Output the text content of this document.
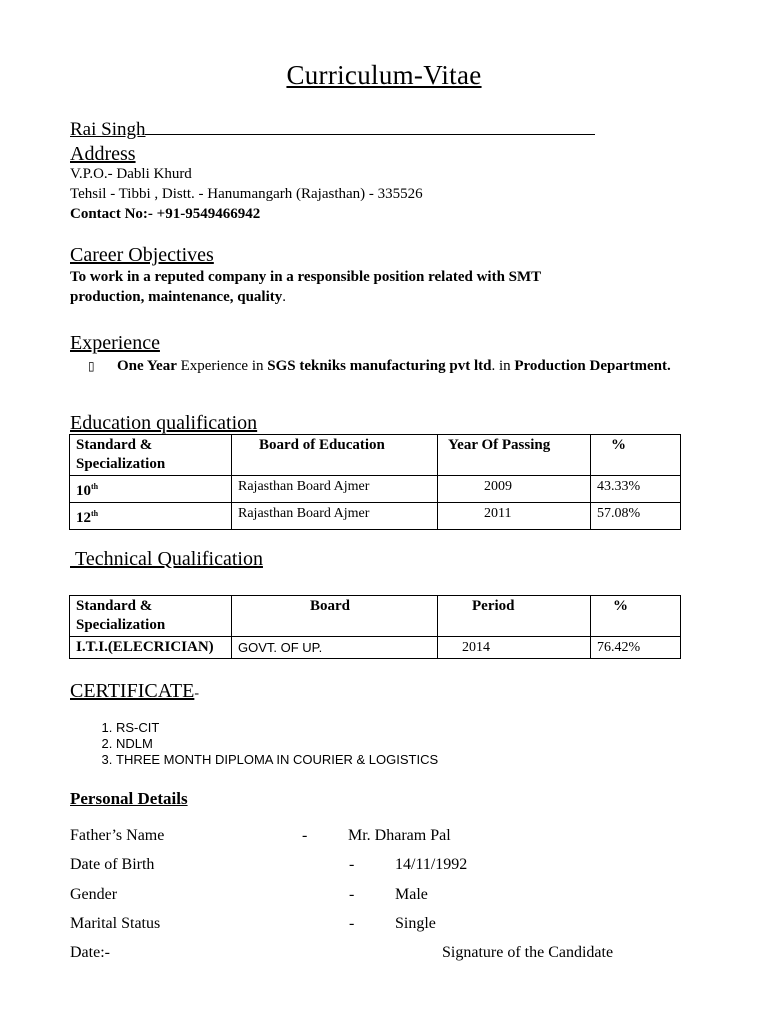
Curriculum-Vitae
Rai Singh
Address
V.P.O.- Dabli Khurd
Tehsil - Tibbi , Distt. - Hanumangarh (Rajasthan) - 335526
Contact No:- +91-9549466942
Career Objectives
To work in a reputed company in a responsible position related with SMT
production, maintenance, quality.
Experience
▯ One Year Experience in SGS tekniks manufacturing pvt ltd. in Production Department.
Education qualification
Standard & Specialization	Board of Education	Year Of Passing	%
10th	Rajasthan Board Ajmer	2009	43.33%
12th	Rajasthan Board Ajmer	2011	57.08%
Technical Qualification
Standard & Specialization	Board	Period	%
I.T.I.(ELECRICIAN)	GOVT. OF UP.	2014	76.42%
CERTIFICATE-
1. RS-CIT
2. NDLM
3. THREE MONTH DIPLOMA IN COURIER & LOGISTICS
Personal Details
Father’s Name	-	Mr. Dharam Pal
Date of Birth	-	14/11/1992
Gender	-	Male
Marital Status	-	Single
Date:-	Signature of the Candidate
